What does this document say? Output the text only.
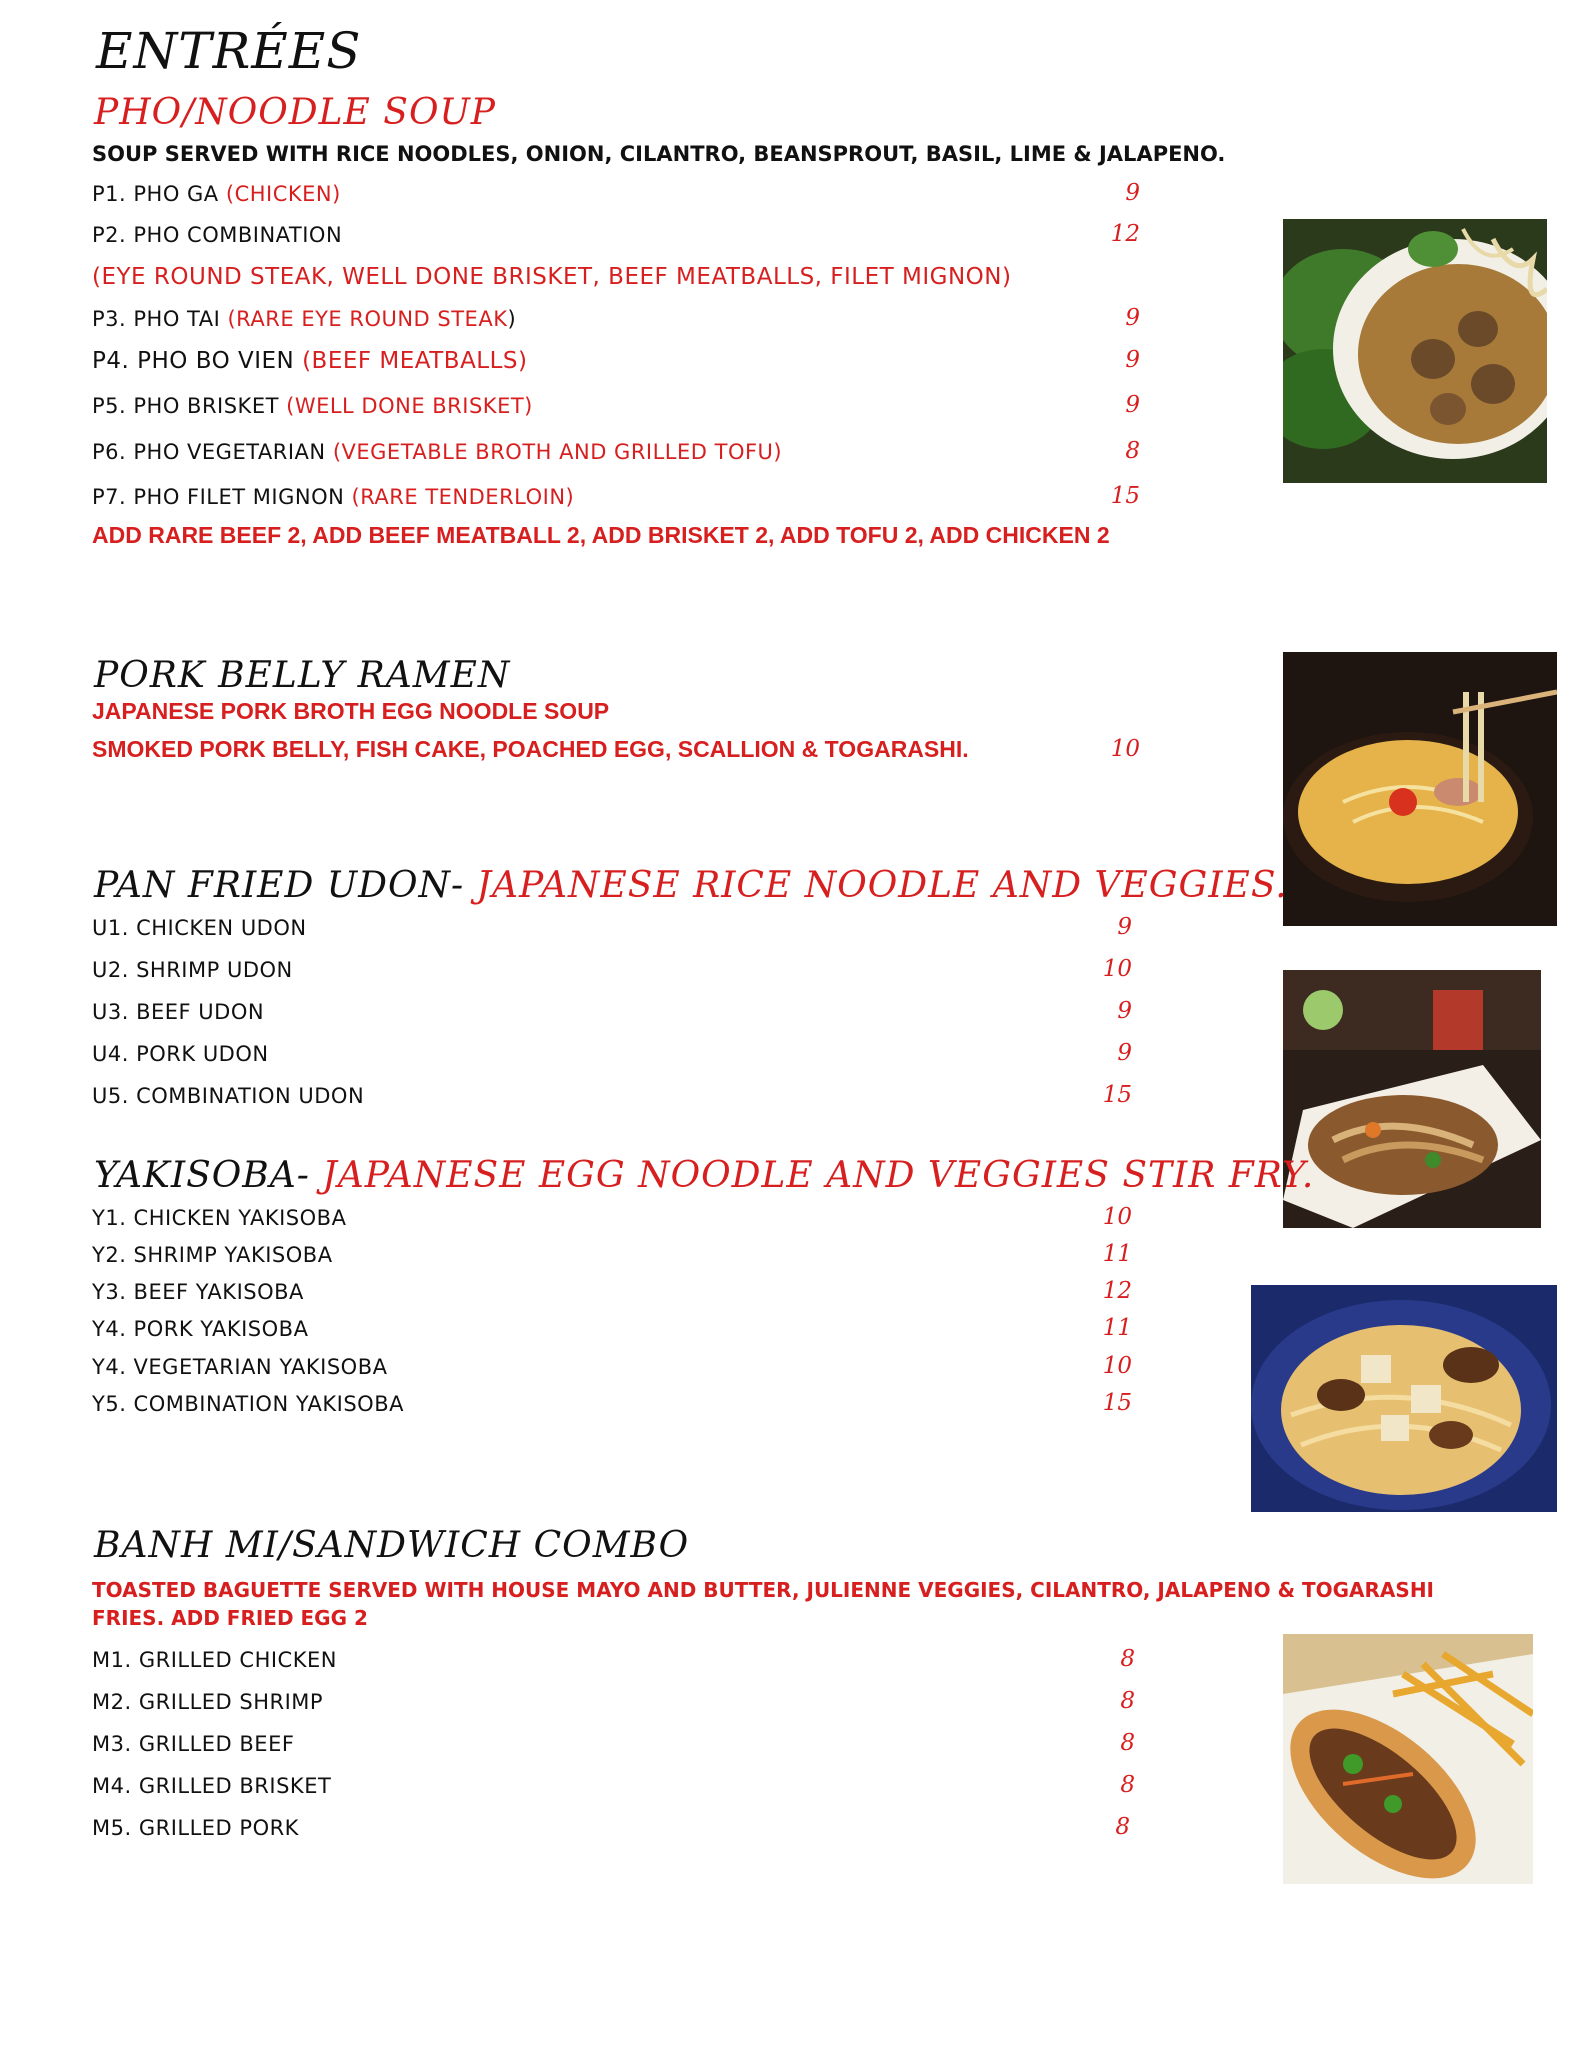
ENTRÉES
PHO/NOODLE SOUP
SOUP SERVED WITH RICE NOODLES, ONION, CILANTRO, BEANSPROUT, BASIL, LIME & JALAPENO.
P1. PHO GA (CHICKEN)	9
P2. PHO COMBINATION	12
(EYE ROUND STEAK, WELL DONE BRISKET, BEEF MEATBALLS, FILET MIGNON)
P3. PHO TAI (RARE EYE ROUND STEAK)	9
P4. PHO BO VIEN (BEEF MEATBALLS)	9
P5. PHO BRISKET (WELL DONE BRISKET)	9
P6. PHO VEGETARIAN (VEGETABLE BROTH AND GRILLED TOFU)	8
P7. PHO FILET MIGNON (RARE TENDERLOIN)	15
ADD RARE BEEF 2, ADD BEEF MEATBALL 2, ADD BRISKET 2, ADD TOFU 2, ADD CHICKEN 2
PORK BELLY RAMEN
JAPANESE PORK BROTH EGG NOODLE SOUP
SMOKED PORK BELLY, FISH CAKE, POACHED EGG, SCALLION & TOGARASHI.	10
PAN FRIED UDON- JAPANESE RICE NOODLE AND VEGGIES.
U1. CHICKEN UDON	9
U2. SHRIMP UDON	10
U3. BEEF UDON	9
U4. PORK UDON	9
U5. COMBINATION UDON	15
YAKISOBA- JAPANESE EGG NOODLE AND VEGGIES STIR FRY.
Y1. CHICKEN YAKISOBA	10
Y2. SHRIMP YAKISOBA	11
Y3. BEEF YAKISOBA	12
Y4. PORK YAKISOBA	11
Y4. VEGETARIAN YAKISOBA	10
Y5. COMBINATION YAKISOBA	15
BANH MI/SANDWICH COMBO
TOASTED BAGUETTE SERVED WITH HOUSE MAYO AND BUTTER, JULIENNE VEGGIES, CILANTRO, JALAPENO & TOGARASHI
FRIES. ADD FRIED EGG 2
M1. GRILLED CHICKEN	8
M2. GRILLED SHRIMP	8
M3. GRILLED BEEF	8
M4. GRILLED BRISKET	8
M5. GRILLED PORK	8
